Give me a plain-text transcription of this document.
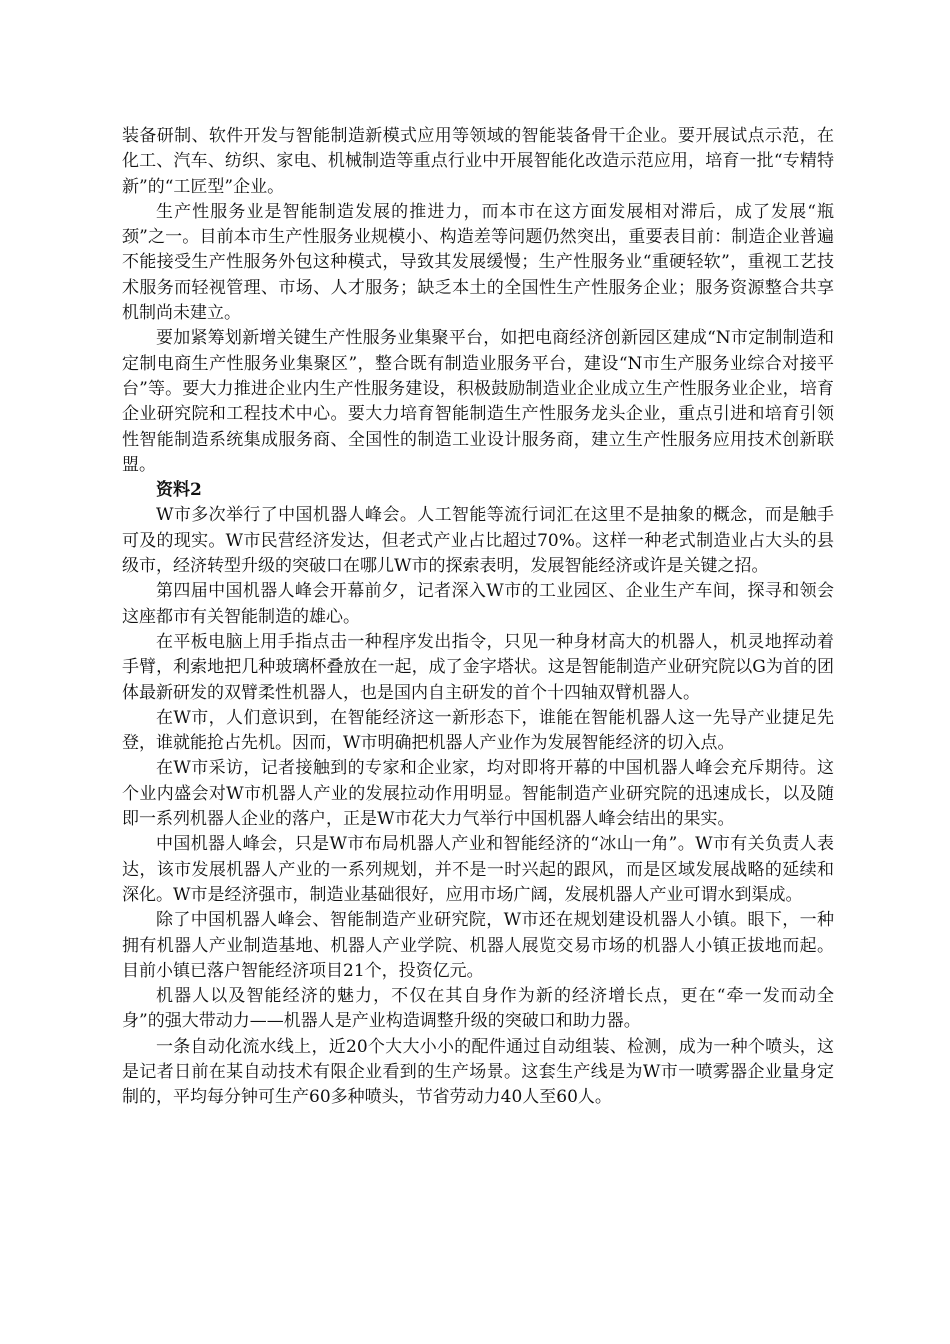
装备研制、软件开发与智能制造新模式应用等领域的智能装备骨干企业。要开展试点示范，在化工、汽车、纺织、家电、机械制造等重点行业中开展智能化改造示范应用，培育一批“专精特新”的“工匠型”企业。

生产性服务业是智能制造发展的推进力，而本市在这方面发展相对滞后，成了发展“瓶颈”之一。目前本市生产性服务业规模小、构造差等问题仍然突出，重要表目前：制造企业普遍不能接受生产性服务外包这种模式，导致其发展缓慢；生产性服务业“重硬轻软”，重视工艺技术服务而轻视管理、市场、人才服务；缺乏本土的全国性生产性服务企业；服务资源整合共享机制尚未建立。

要加紧筹划新增关键生产性服务业集聚平台，如把电商经济创新园区建成“N市定制制造和定制电商生产性服务业集聚区”，整合既有制造业服务平台，建设“N市生产服务业综合对接平台”等。要大力推进企业内生产性服务建设，积极鼓励制造业企业成立生产性服务业企业，培育企业研究院和工程技术中心。要大力培育智能制造生产性服务龙头企业，重点引进和培育引领性智能制造系统集成服务商、全国性的制造工业设计服务商，建立生产性服务应用技术创新联盟。

资料2

W市多次举行了中国机器人峰会。人工智能等流行词汇在这里不是抽象的概念，而是触手可及的现实。W市民营经济发达，但老式产业占比超过70%。这样一种老式制造业占大头的县级市，经济转型升级的突破口在哪儿W市的探索表明，发展智能经济或许是关键之招。

第四届中国机器人峰会开幕前夕，记者深入W市的工业园区、企业生产车间，探寻和领会这座都市有关智能制造的雄心。

在平板电脑上用手指点击一种程序发出指令，只见一种身材高大的机器人，机灵地挥动着手臂，利索地把几种玻璃杯叠放在一起，成了金字塔状。这是智能制造产业研究院以G为首的团体最新研发的双臂柔性机器人，也是国内自主研发的首个十四轴双臂机器人。

在W市，人们意识到，在智能经济这一新形态下，谁能在智能机器人这一先导产业捷足先登，谁就能抢占先机。因而，W市明确把机器人产业作为发展智能经济的切入点。

在W市采访，记者接触到的专家和企业家，均对即将开幕的中国机器人峰会充斥期待。这个业内盛会对W市机器人产业的发展拉动作用明显。智能制造产业研究院的迅速成长，以及随即一系列机器人企业的落户，正是W市花大力气举行中国机器人峰会结出的果实。

中国机器人峰会，只是W市布局机器人产业和智能经济的“冰山一角”。W市有关负责人表达，该市发展机器人产业的一系列规划，并不是一时兴起的跟风，而是区域发展战略的延续和深化。W市是经济强市，制造业基础很好，应用市场广阔，发展机器人产业可谓水到渠成。

除了中国机器人峰会、智能制造产业研究院，W市还在规划建设机器人小镇。眼下，一种拥有机器人产业制造基地、机器人产业学院、机器人展览交易市场的机器人小镇正拔地而起。目前小镇已落户智能经济项目21个，投资亿元。

机器人以及智能经济的魅力，不仅在其自身作为新的经济增长点，更在“牵一发而动全身”的强大带动力——机器人是产业构造调整升级的突破口和助力器。

一条自动化流水线上，近20个大大小小的配件通过自动组装、检测，成为一种个喷头，这是记者日前在某自动技术有限企业看到的生产场景。这套生产线是为W市一喷雾器企业量身定制的，平均每分钟可生产60多种喷头，节省劳动力40人至60人。
